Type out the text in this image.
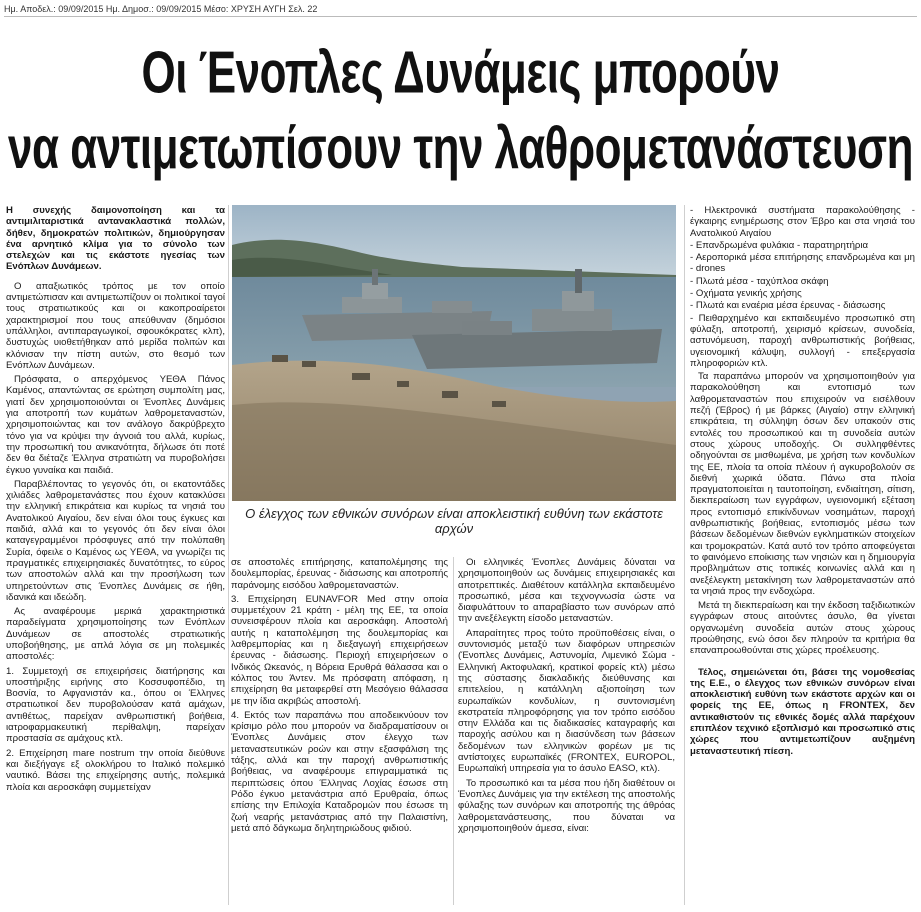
Ημ. Αποδελ.: 09/09/2015 Ημ. Δημοσ.: 09/09/2015 Μέσο: ΧΡΥΣΗ ΑΥΓΗ Σελ. 22
Οι Ένοπλες Δυνάμεις μπορούν
να αντιμετωπίσουν την λαθρομετανάστευση

Η συνεχής δαιμονοποίηση και τα αντιμιλιταριστικά αντανακλαστικά πολλών, δήθεν, δημοκρατών πολιτικών, δημιούργησαν ένα αρνητικό κλίμα για το σύνολο των στελεχών και τις εκάστοτε ηγεσίας των Ενόπλων Δυνάμεων.

Ο απαξιωτικός τρόπος με τον οποίο αντιμετώπισαν και αντιμετωπίζουν οι πολιτικοί ταγοί τους στρατιωτικούς και οι κακοπροαίρετοι χαρακτηρισμοί που τους απεύθυναν (δημόσιοι υπάλληλοι, αντιπαραγωγικοί, σφουκόκρατες κλπ), δυστυχώς υιοθετήθηκαν από μερίδα πολιτών και κλόνισαν την πίστη αυτών, στο θεσμό των Ενόπλων Δυνάμεων.

Πρόσφατα, ο απερχόμενος ΥΕΘΑ Πάνος Καμένος, απαντώντας σε ερώτηση συμπολίτη μας, γιατί δεν χρησιμοποιούνται οι Ένοπλες Δυνάμεις για αποτροπή των κυμάτων λαθρομεταναστών, χρησιμοποιώντας και τον ανάλογο δακρύβρεχτο τόνο για να κρύψει την άγνοιά του αλλά, κυρίως, την προσωπική του ανικανότητα, δήλωσε ότι ποτέ δεν θα διέταζε Έλληνα στρατιώτη να πυροβολήσει έγκυο γυναίκα και παιδιά.

Παραβλέποντας το γεγονός ότι, οι εκατοντάδες χιλιάδες λαθρομετανάστες που έχουν κατακλύσει την ελληνική επικράτεια και κυρίως τα νησιά του Ανατολικού Αιγαίου, δεν είναι όλοι τους έγκυες και παιδιά, αλλά και το γεγονός ότι δεν είναι όλοι καταγεγραμμένοι πρόσφυγες από την πολύπαθη Συρία, όφειλε ο Καμένος ως ΥΕΘΑ, να γνωρίζει τις πραγματικές επιχειρησιακές δυνατότητες, το εύρος των αποστολών αλλά και την προσήλωση των υπηρετούντων στις Ένοπλες Δυνάμεις σε ήθη, ιδανικά και ιδεώδη.

Ας αναφέρουμε μερικά χαρακτηριστικά παραδείγματα χρησιμοποίησης των Ενόπλων Δυνάμεων σε αποστολές στρατιωτικής υποβοήθησης, με απλά λόγια σε μη πολεμικές αποστολές:

1. Συμμετοχή σε επιχειρήσεις διατήρησης και υποστήριξης ειρήνης στο Κοσσυφοπέδιο, τη Βοσνία, το Αφγανιστάν κα., όπου οι Έλληνες στρατιωτικοί δεν πυροβολούσαν κατά αμάχων, αντιθέτως, παρείχαν ανθρωπιστική βοήθεια, ιατροφαρμακευτική περίθαλψη, παρείχαν προστασία σε αμάχους κτλ.

2. Επιχείρηση mare nostrum την οποία διεύθυνε και διεξήγαγε εξ ολοκλήρου το Ιταλικό πολεμικό ναυτικό. Βάσει της επιχείρησης αυτής, πολεμικά πλοία και αεροσκάφη συμμετείχαν

Ο έλεγχος των εθνικών συνόρων είναι αποκλειστική ευθύνη των εκάστοτε αρχών

σε αποστολές επιτήρησης, καταπολέμησης της δουλεμπορίας, έρευνας - διάσωσης και αποτροπής παράνομης εισόδου λαθρομεταναστών.

3. Επιχείρηση EUNAVFOR Med στην οποία συμμετέχουν 21 κράτη - μέλη της ΕΕ, τα οποία συνεισφέρουν πλοία και αεροσκάφη. Αποστολή αυτής η καταπολέμηση της δουλεμπορίας και λαθρεμπορίας και η διεξαγωγή επιχειρήσεων έρευνας - διάσωσης. Περιοχή επιχειρήσεων ο Ινδικός Ωκεανός, η Βόρεια Ερυθρά θάλασσα και ο κόλπος του Άντεν. Με πρόσφατη απόφαση, η επιχείρηση θα μεταφερθεί στη Μεσόγειο θάλασσα με την ίδια ακριβώς αποστολή.

4. Εκτός των παραπάνω που αποδεικνύουν τον κρίσιμο ρόλο που μπορούν να διαδραματίσουν οι Ένοπλες Δυνάμεις στον έλεγχο των μεταναστευτικών ροών και στην εξασφάλιση της τάξης, αλλά και την παροχή ανθρωπιστικής βοήθειας, να αναφέρουμε επιγραμματικά τις περιπτώσεις όπου Έλληνας Λοχίας έσωσε στη Ρόδο έγκυο μετανάστρια από Ερυθραία, όπως επίσης την Επιλοχία Καταδρομών που έσωσε τη ζωή νεαρής μετανάστριας από την Παλαιστίνη, μετά από δάγκωμα δηλητηριώδους φιδιού.

Οι ελληνικές Ένοπλες Δυνάμεις δύναται να χρησιμοποιηθούν ως δυνάμεις επιχειρησιακές και αποτρεπτικές. Διαθέτουν κατάλληλα εκπαιδευμένο προσωπικό, μέσα και τεχνογνωσία ώστε να διαφυλάττουν το απαραβίαστο των συνόρων από την ανεξέλεγκτη είσοδο μεταναστών.

Απαραίτητες προς τούτο προϋποθέσεις είναι, ο συντονισμός μεταξύ των διαφόρων υπηρεσιών (Ένοπλες Δυνάμεις, Αστυνομία, Λιμενικό Σώμα - Ελληνική Ακτοφυλακή, κρατικοί φορείς κτλ) μέσω της σύστασης διακλαδικής διεύθυνσης και επιτελείου, η κατάλληλη αξιοποίηση των ευρωπαϊκών κονδυλίων, η συντονισμένη εκστρατεία πληροφόρησης για τον τρόπο εισόδου στην Ελλάδα και τις διαδικασίες καταγραφής και παροχής ασύλου και η διασύνδεση των βάσεων δεδομένων των ελληνικών φορέων με τις αντίστοιχες ευρωπαϊκές (FRONTEX, EUROPOL, Ευρωπαϊκή υπηρεσία για το άσυλο EASO, κτλ).

Το προσωπικό και τα μέσα που ήδη διαθέτουν οι Ένοπλες Δυνάμεις για την εκτέλεση της αποστολής φύλαξης των συνόρων και αποτροπής της άθρόας λαθρομετανάστευσης, που δύναται να χρησιμοποιηθούν άμεσα, είναι:

- Ηλεκτρονικά συστήματα παρακολούθησης - έγκαιρης ενημέρωσης στον Έβρο και στα νησιά του Ανατολικού Αιγαίου
- Επανδρωμένα φυλάκια - παρατηρητήρια
- Αεροπορικά μέσα επιτήρησης επανδρωμένα και μη - drones
- Πλωτά μέσα - ταχύπλοα σκάφη
- Οχήματα γενικής χρήσης
- Πλωτά και εναέρια μέσα έρευνας - διάσωσης
- Πειθαρχημένο και εκπαιδευμένο προσωπικό στη φύλαξη, αποτροπή, χειρισμό κρίσεων, συνοδεία, αστυνόμευση, παροχή ανθρωπιστικής βοήθειας, υγειονομική κάλυψη, συλλογή - επεξεργασία πληροφοριών κτλ.

Τα παραπάνω μπορούν να χρησιμοποιηθούν για παρακολούθηση και εντοπισμό των λαθρομεταναστών που επιχειρούν να εισέλθουν πεζή (Έβρος) ή με βάρκες (Αιγαίο) στην ελληνική επικράτεια, τη σύλληψη όσων δεν υπακούν στις εντολές του προσωπικού και τη συνοδεία αυτών στους χώρους υποδοχής. Οι συλληφθέντες οδηγούνται σε μισθωμένα, με χρήση των κονδυλίων της ΕΕ, πλοία τα οποία πλέουν ή αγκυροβολούν σε διεθνή χωρικά ύδατα. Πάνω στα πλοία πραγματοποιείται η ταυτοποίηση, ενδιαίτηση, σίτιση, διεκπεραίωση των εγγράφων, υγειονομική εξέταση προς εντοπισμό επικίνδυνων νοσημάτων, παροχή ανθρωπιστικής βοήθειας, εντοπισμός μέσω των βάσεων δεδομένων διεθνών εγκληματικών στοιχείων και τρομοκρατών. Κατά αυτό τον τρόπο αποφεύγεται το φαινόμενο εποίκισης των νησιών και η δημιουργία προβλημάτων στις τοπικές κοινωνίες αλλά και η ανεξέλεγκτη μετακίνηση των λαθρομεταναστών από τα νησιά προς την ενδοχώρα.

Μετά τη διεκπεραίωση και την έκδοση ταξιδιωτικών εγγράφων στους αιτούντες άσυλο, θα γίνεται οργανωμένη συνοδεία αυτών στους χώρους προώθησης, ενώ όσοι δεν πληρούν τα κριτήρια θα επαναπροωθούνται στις χώρες προέλευσης.

Τέλος, σημειώνεται ότι, βάσει της νομοθεσίας της Ε.Ε., ο έλεγχος των εθνικών συνόρων είναι αποκλειστική ευθύνη των εκάστοτε αρχών και οι φορείς της ΕΕ, όπως η FRONTEX, δεν αντικαθιστούν τις εθνικές δομές αλλά παρέχουν επιπλέον τεχνικό εξοπλισμό και προσωπικό στις χώρες που αντιμετωπίζουν αυξημένη μεταναστευτική πίεση.
